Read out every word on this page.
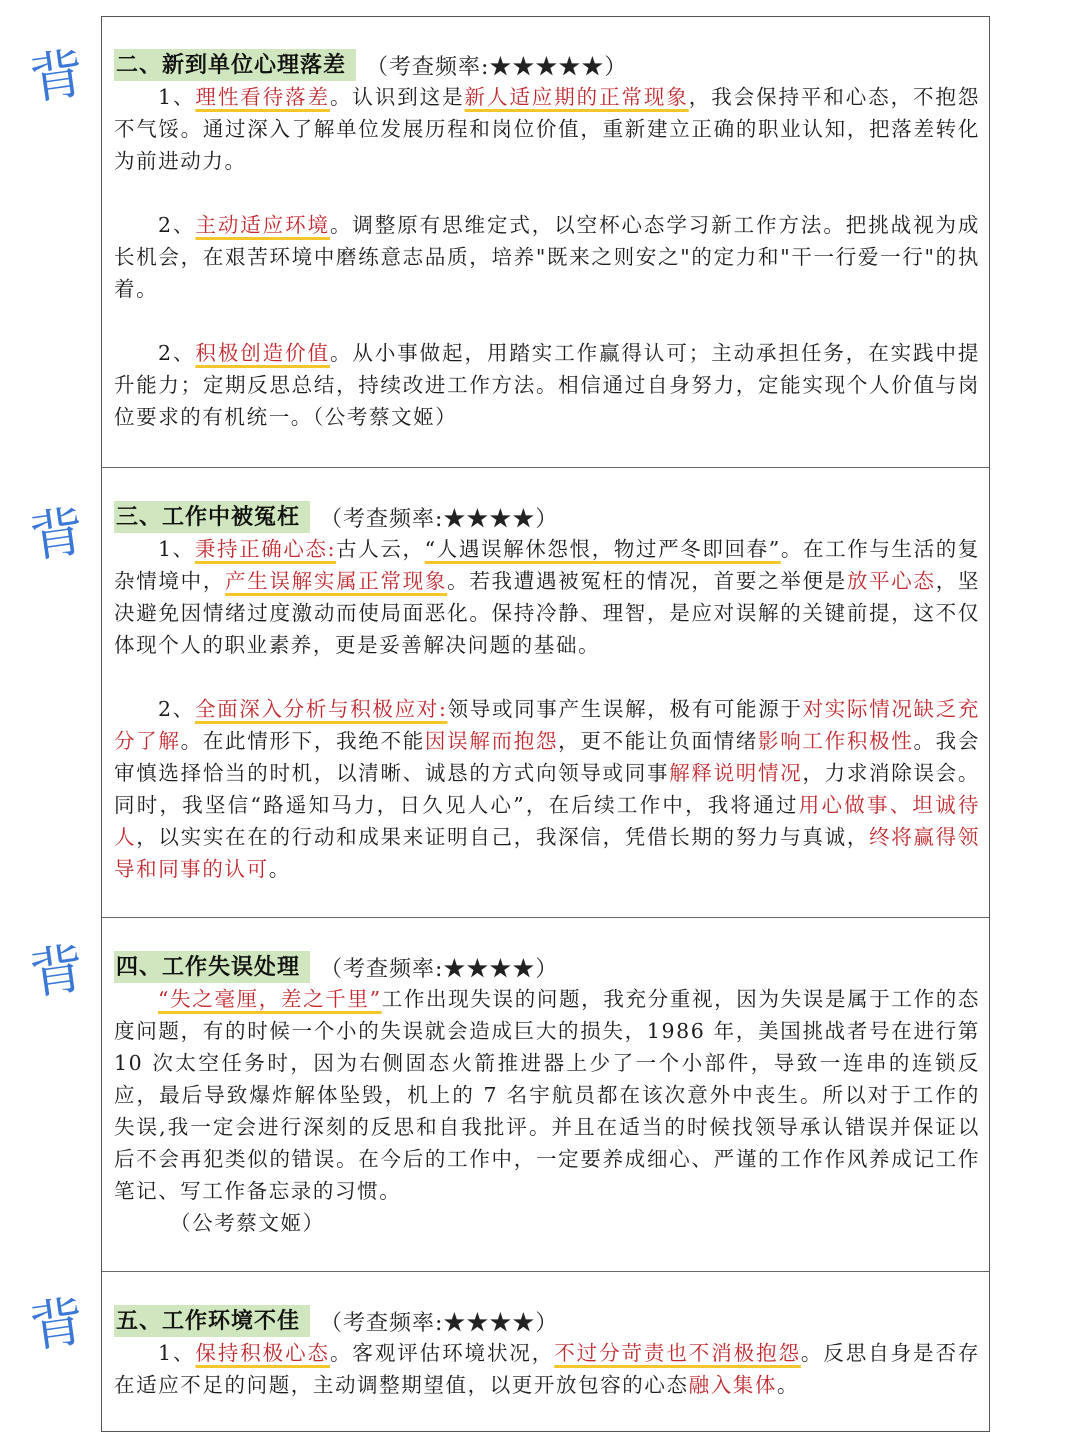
背
背
背
背
二、新到单位心理落差 （考查频率:★★★★★）

1、理性看待落差。认识到这是新人适应期的正常现象，我会保持平和心态，不抱怨不气馁。通过深入了解单位发展历程和岗位价值，重新建立正确的职业认知，把落差转化为前进动力。

2、主动适应环境。调整原有思维定式，以空杯心态学习新工作方法。把挑战视为成长机会，在艰苦环境中磨练意志品质，培养"既来之则安之"的定力和"干一行爱一行"的执着。

2、积极创造价值。从小事做起，用踏实工作赢得认可；主动承担任务，在实践中提升能力；定期反思总结，持续改进工作方法。相信通过自身努力，定能实现个人价值与岗位要求的有机统一。（公考蔡文姬）

三、工作中被冤枉 （考查频率:★★★★）

1、秉持正确心态:古人云，“人遇误解休怨恨，物过严冬即回春”。在工作与生活的复杂情境中，产生误解实属正常现象。若我遭遇被冤枉的情况，首要之举便是放平心态，坚决避免因情绪过度激动而使局面恶化。保持冷静、理智，是应对误解的关键前提，这不仅体现个人的职业素养，更是妥善解决问题的基础。

2、全面深入分析与积极应对:领导或同事产生误解，极有可能源于对实际情况缺乏充分了解。在此情形下，我绝不能因误解而抱怨，更不能让负面情绪影响工作积极性。我会审慎选择恰当的时机，以清晰、诚恳的方式向领导或同事解释说明情况，力求消除误会。同时，我坚信“路遥知马力，日久见人心”，在后续工作中，我将通过用心做事、坦诚待人，以实实在在的行动和成果来证明自己，我深信，凭借长期的努力与真诚，终将赢得领导和同事的认可。

四、工作失误处理 （考查频率:★★★★）

“失之毫厘，差之千里”工作出现失误的问题，我充分重视，因为失误是属于工作的态度问题，有的时候一个小的失误就会造成巨大的损失，1986 年，美国挑战者号在进行第 10 次太空任务时，因为右侧固态火箭推进器上少了一个小部件，导致一连串的连锁反应，最后导致爆炸解体坠毁，机上的 7 名宇航员都在该次意外中丧生。所以对于工作的失误,我一定会进行深刻的反思和自我批评。并且在适当的时候找领导承认错误并保证以后不会再犯类似的错误。在今后的工作中，一定要养成细心、严谨的工作作风养成记工作笔记、写工作备忘录的习惯。

（公考蔡文姬）

五、工作环境不佳 （考查频率:★★★★）

1、保持积极心态。客观评估环境状况，不过分苛责也不消极抱怨。反思自身是否存在适应不足的问题，主动调整期望值，以更开放包容的心态融入集体。
